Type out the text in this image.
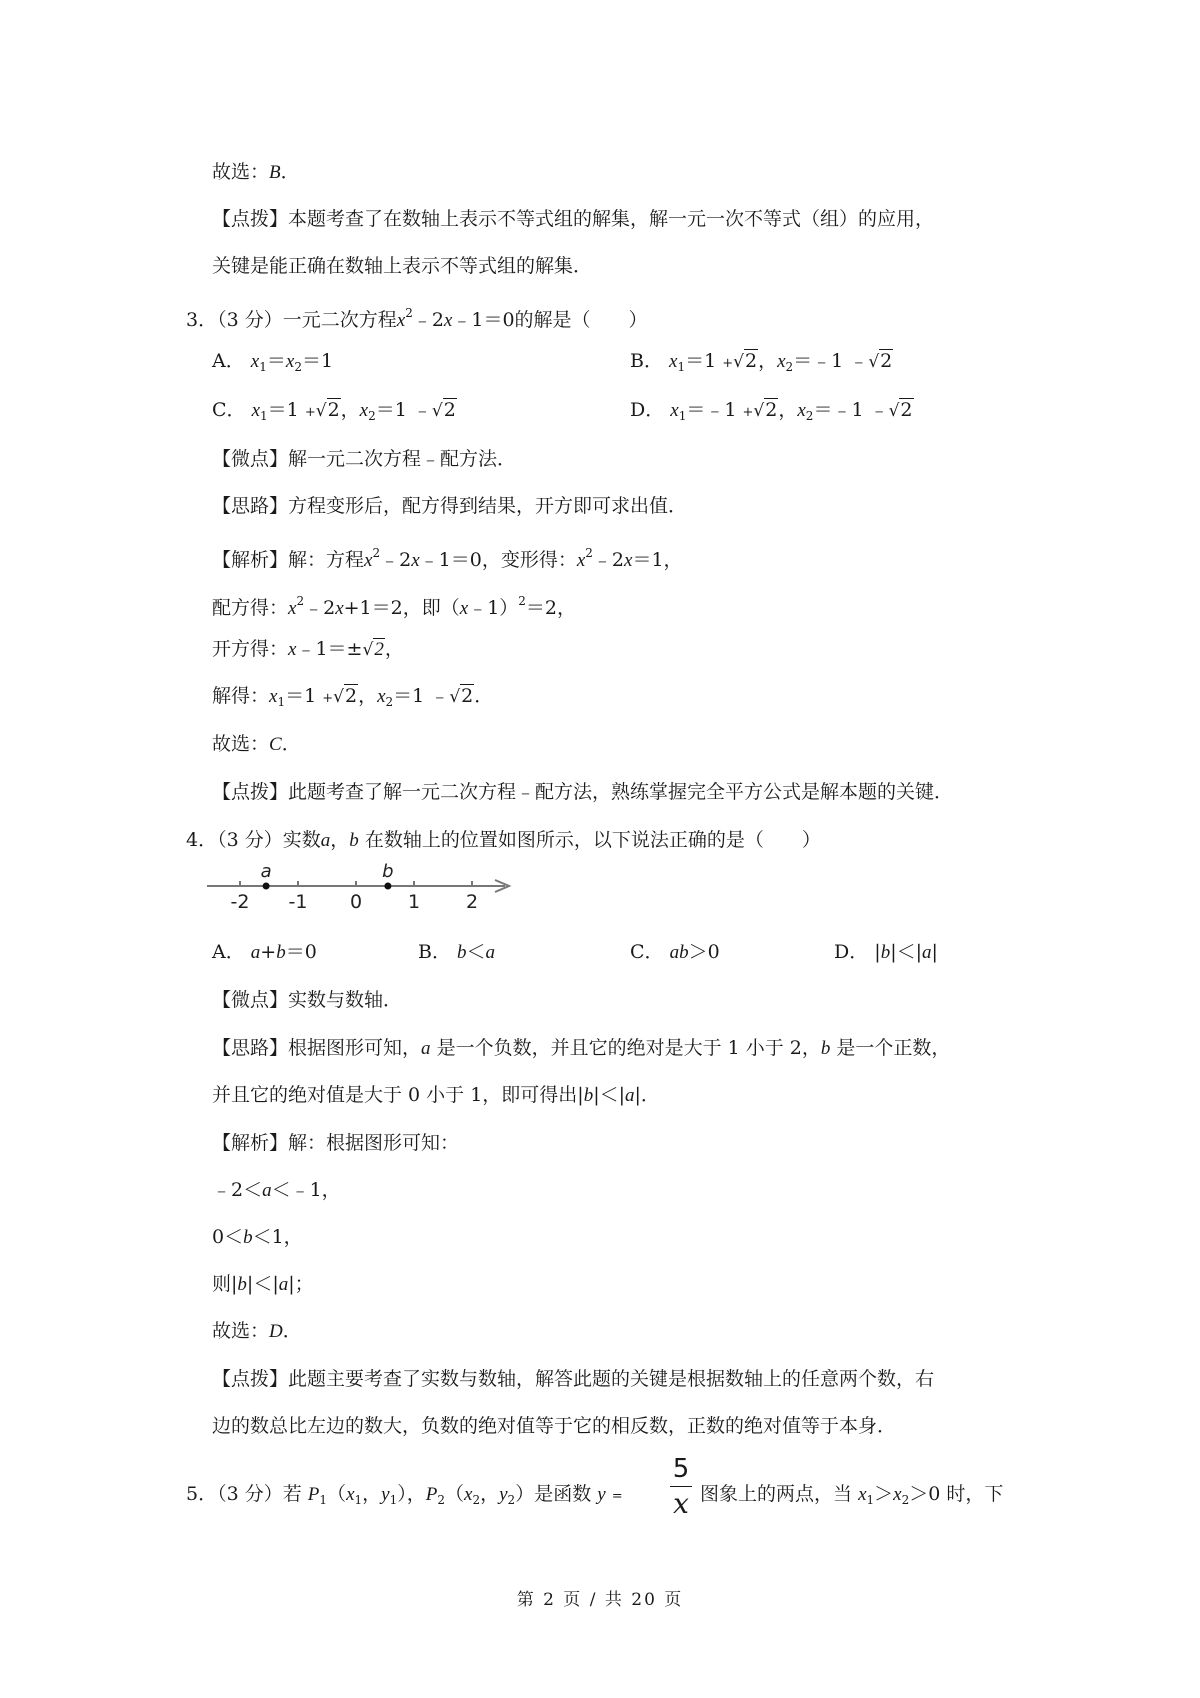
故选：B．
【点拨】本题考查了在数轴上表示不等式组的解集，解一元一次不等式（组）的应用，
关键是能正确在数轴上表示不等式组的解集．
3．（3 分）一元二次方程$x^2﹣2x﹣1=0$的解是（　　）
A． $x_1=x_2=1$	B． $x_1=1 +√2$，$x_2=﹣1$ ﹣√2
C． $x_1=1 +√2$，$x_2=1$ ﹣√2	D． $x_1=﹣1 +√2$，$x_2=﹣1$ ﹣√2
【微点】解一元二次方程﹣配方法．
【思路】方程变形后，配方得到结果，开方即可求出值．
【解析】解：方程$x^2﹣2x﹣1=0$，变形得：$x^2﹣2x=1$，
配方得：$x^2﹣2x+1=2$，即（x﹣1）$^2$＝2，
开方得：x﹣1＝±√2，
解得：$x_1=1 +√2$，$x_2=1$ ﹣√2．
故选：C．
【点拨】此题考查了解一元二次方程﹣配方法，熟练掌握完全平方公式是解本题的关键．
4．（3 分）实数a，b 在数轴上的位置如图所示，以下说法正确的是（　　）
-2 -1 0 1 2
a	b
A． a+b＝0	B． b＜a	C． ab＞0	D． |b|＜|a|
【微点】实数与数轴．
【思路】根据图形可知，a 是一个负数，并且它的绝对是大于 1 小于 2，b 是一个正数，
并且它的绝对值是大于 0 小于 1，即可得出|b|＜|a|．
【解析】解：根据图形可知：
﹣2＜a＜﹣1，
0＜b＜1，
则|b|＜|a|；
故选：D．
【点拨】此题主要考查了实数与数轴，解答此题的关键是根据数轴上的任意两个数，右
边的数总比左边的数大，负数的绝对值等于它的相反数，正数的绝对值等于本身．
5．（3 分）若 $P_1(x_1$，$y_1$），$P_2(x_2$，$y_2$）是函数 y =
5
x 图象上的两点，当 $x_1>x_2>0$ 时，下
第 2 页 / 共 20 页
